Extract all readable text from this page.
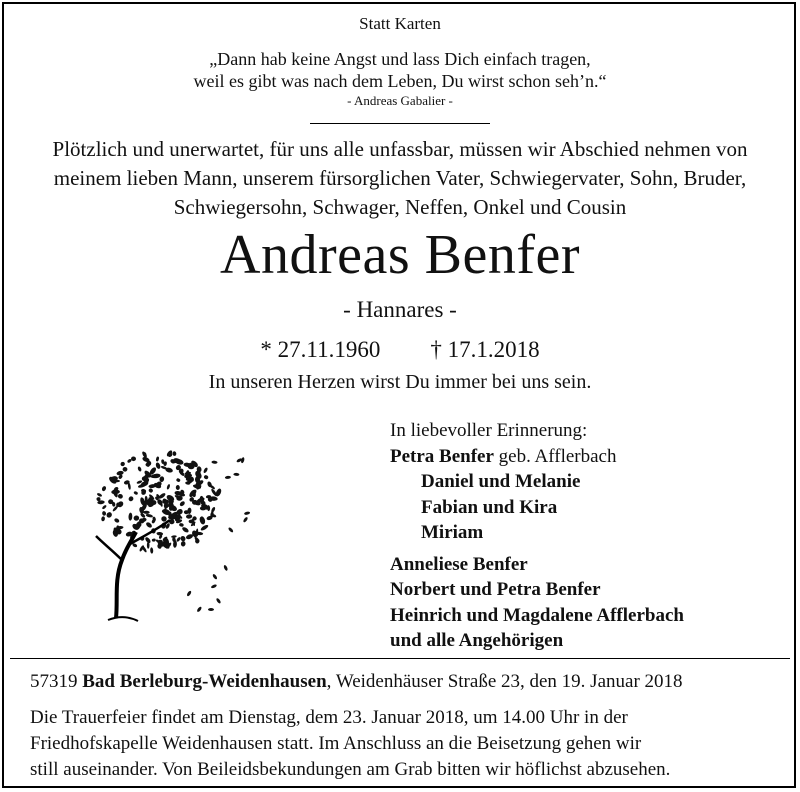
Statt Karten
„Dann hab keine Angst und lass Dich einfach tragen,
weil es gibt was nach dem Leben, Du wirst schon seh’n.“
- Andreas Gabalier -
Plötzlich und unerwartet, für uns alle unfassbar, müssen wir Abschied nehmen von
meinem lieben Mann, unserem fürsorglichen Vater, Schwiegervater, Sohn, Bruder,
Schwiegersohn, Schwager, Neffen, Onkel und Cousin
Andreas Benfer
- Hannares -
* 27.11.1960 † 17.1.2018
In unseren Herzen wirst Du immer bei uns sein.
In liebevoller Erinnerung:
Petra Benfer geb. Afflerbach
Daniel und Melanie
Fabian und Kira
Miriam
Anneliese Benfer
Norbert und Petra Benfer
Heinrich und Magdalene Afflerbach
und alle Angehörigen
57319 Bad Berleburg-Weidenhausen, Weidenhäuser Straße 23, den 19. Januar 2018
Die Trauerfeier findet am Dienstag, dem 23. Januar 2018, um 14.00 Uhr in der
Friedhofskapelle Weidenhausen statt. Im Anschluss an die Beisetzung gehen wir
still auseinander. Von Beileidsbekundungen am Grab bitten wir höflichst abzusehen.
